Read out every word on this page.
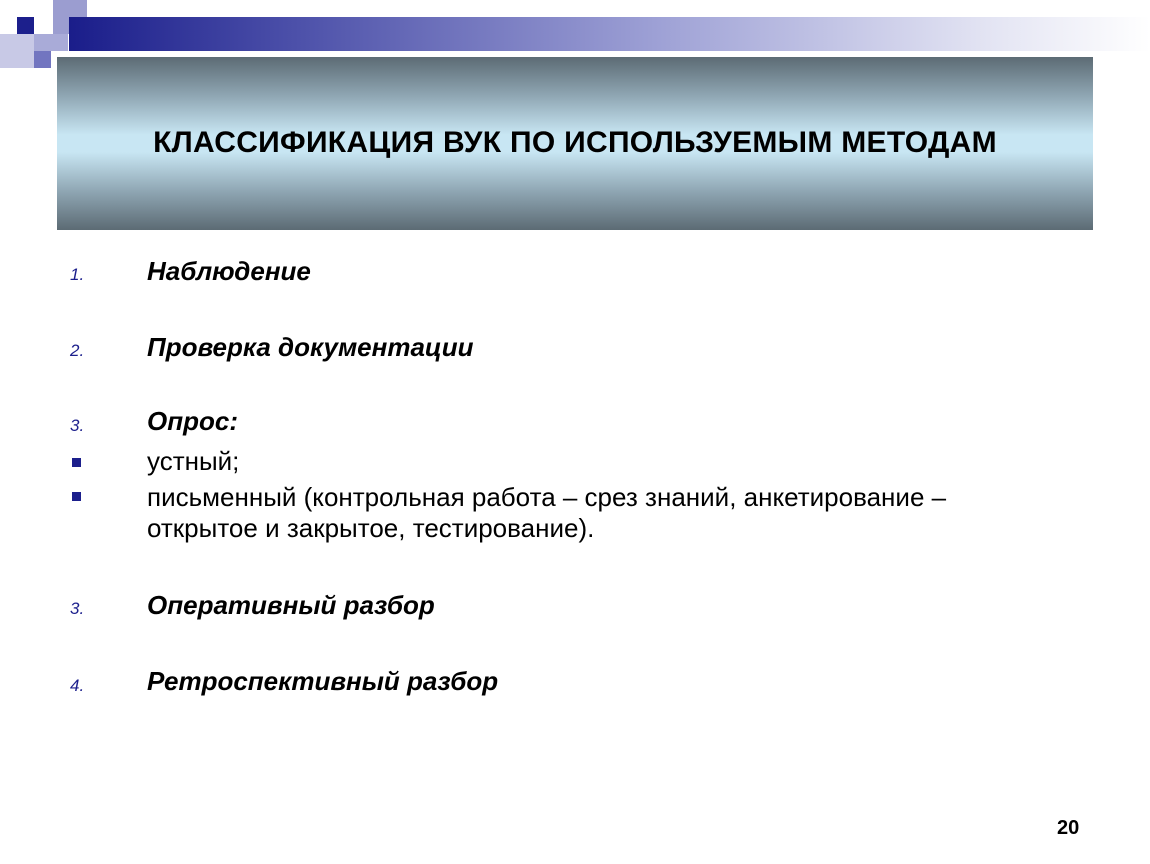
КЛАССИФИКАЦИЯ ВУК ПО ИСПОЛЬЗУЕМЫМ МЕТОДАМ
1. Наблюдение
2. Проверка документации
3. Опрос:
устный;
письменный (контрольная работа – срез знаний, анкетирование – открытое и закрытое, тестирование).
3. Оперативный разбор
4. Ретроспективный разбор
20
